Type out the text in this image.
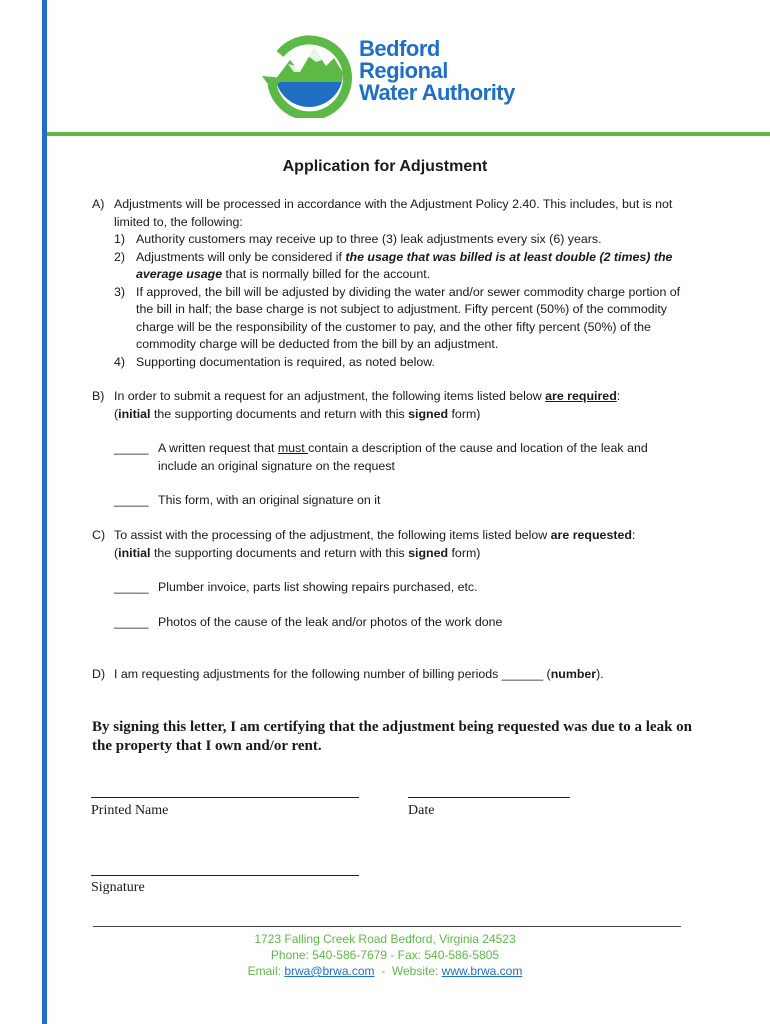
Bedford
Regional
Water Authority
Application for Adjustment
A) Adjustments will be processed in accordance with the Adjustment Policy 2.40. This includes, but is not limited to, the following:
1) Authority customers may receive up to three (3) leak adjustments every six (6) years.
2) Adjustments will only be considered if the usage that was billed is at least double (2 times) the average usage that is normally billed for the account.
3) If approved, the bill will be adjusted by dividing the water and/or sewer commodity charge portion of the bill in half; the base charge is not subject to adjustment. Fifty percent (50%) of the commodity charge will be the responsibility of the customer to pay, and the other fifty percent (50%) of the commodity charge will be deducted from the bill by an adjustment.
4) Supporting documentation is required, as noted below.
B) In order to submit a request for an adjustment, the following items listed below are required:
(initial the supporting documents and return with this signed form)
_____ A written request that must contain a description of the cause and location of the leak and include an original signature on the request
_____ This form, with an original signature on it
C) To assist with the processing of the adjustment, the following items listed below are requested:
(initial the supporting documents and return with this signed form)
_____ Plumber invoice, parts list showing repairs purchased, etc.
_____ Photos of the cause of the leak and/or photos of the work done
D) I am requesting adjustments for the following number of billing periods ______ (number).
By signing this letter, I am certifying that the adjustment being requested was due to a leak on the property that I own and/or rent.
Printed Name	Date
Signature
1723 Falling Creek Road Bedford, Virginia 24523
Phone: 540-586-7679 - Fax: 540-586-5805
Email: brwa@brwa.com  -  Website: www.brwa.com
